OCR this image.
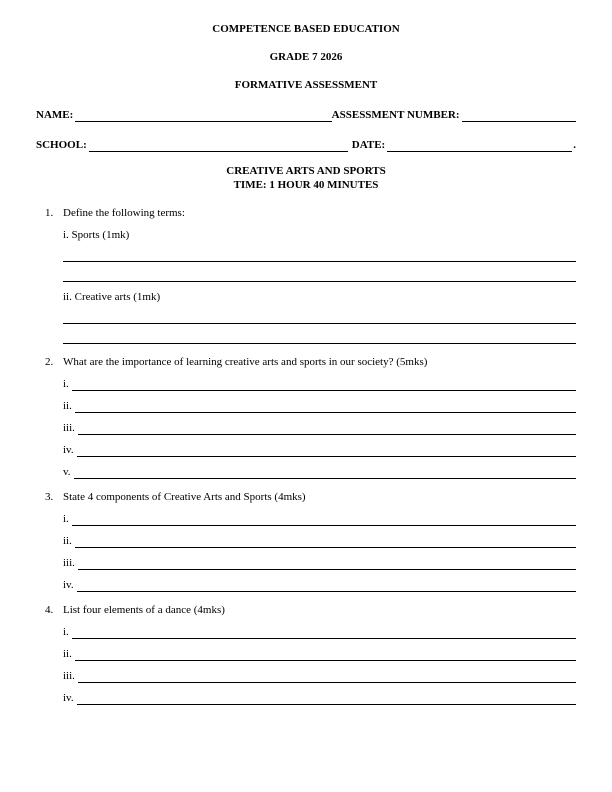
COMPETENCE BASED EDUCATION
GRADE 7 2026
FORMATIVE ASSESSMENT
NAME:	ASSESSMENT NUMBER:
SCHOOL:	DATE:	.
CREATIVE ARTS AND SPORTS
TIME: 1 HOUR 40 MINUTES
1. Define the following terms:
i. Sports (1mk)
ii. Creative arts (1mk)
2. What are the importance of learning creative arts and sports in our society? (5mks)
i.
ii.
iii.
iv.
v.
3. State 4 components of Creative Arts and Sports (4mks)
i.
ii.
iii.
iv.
4. List four elements of a dance (4mks)
i.
ii.
iii.
iv.
